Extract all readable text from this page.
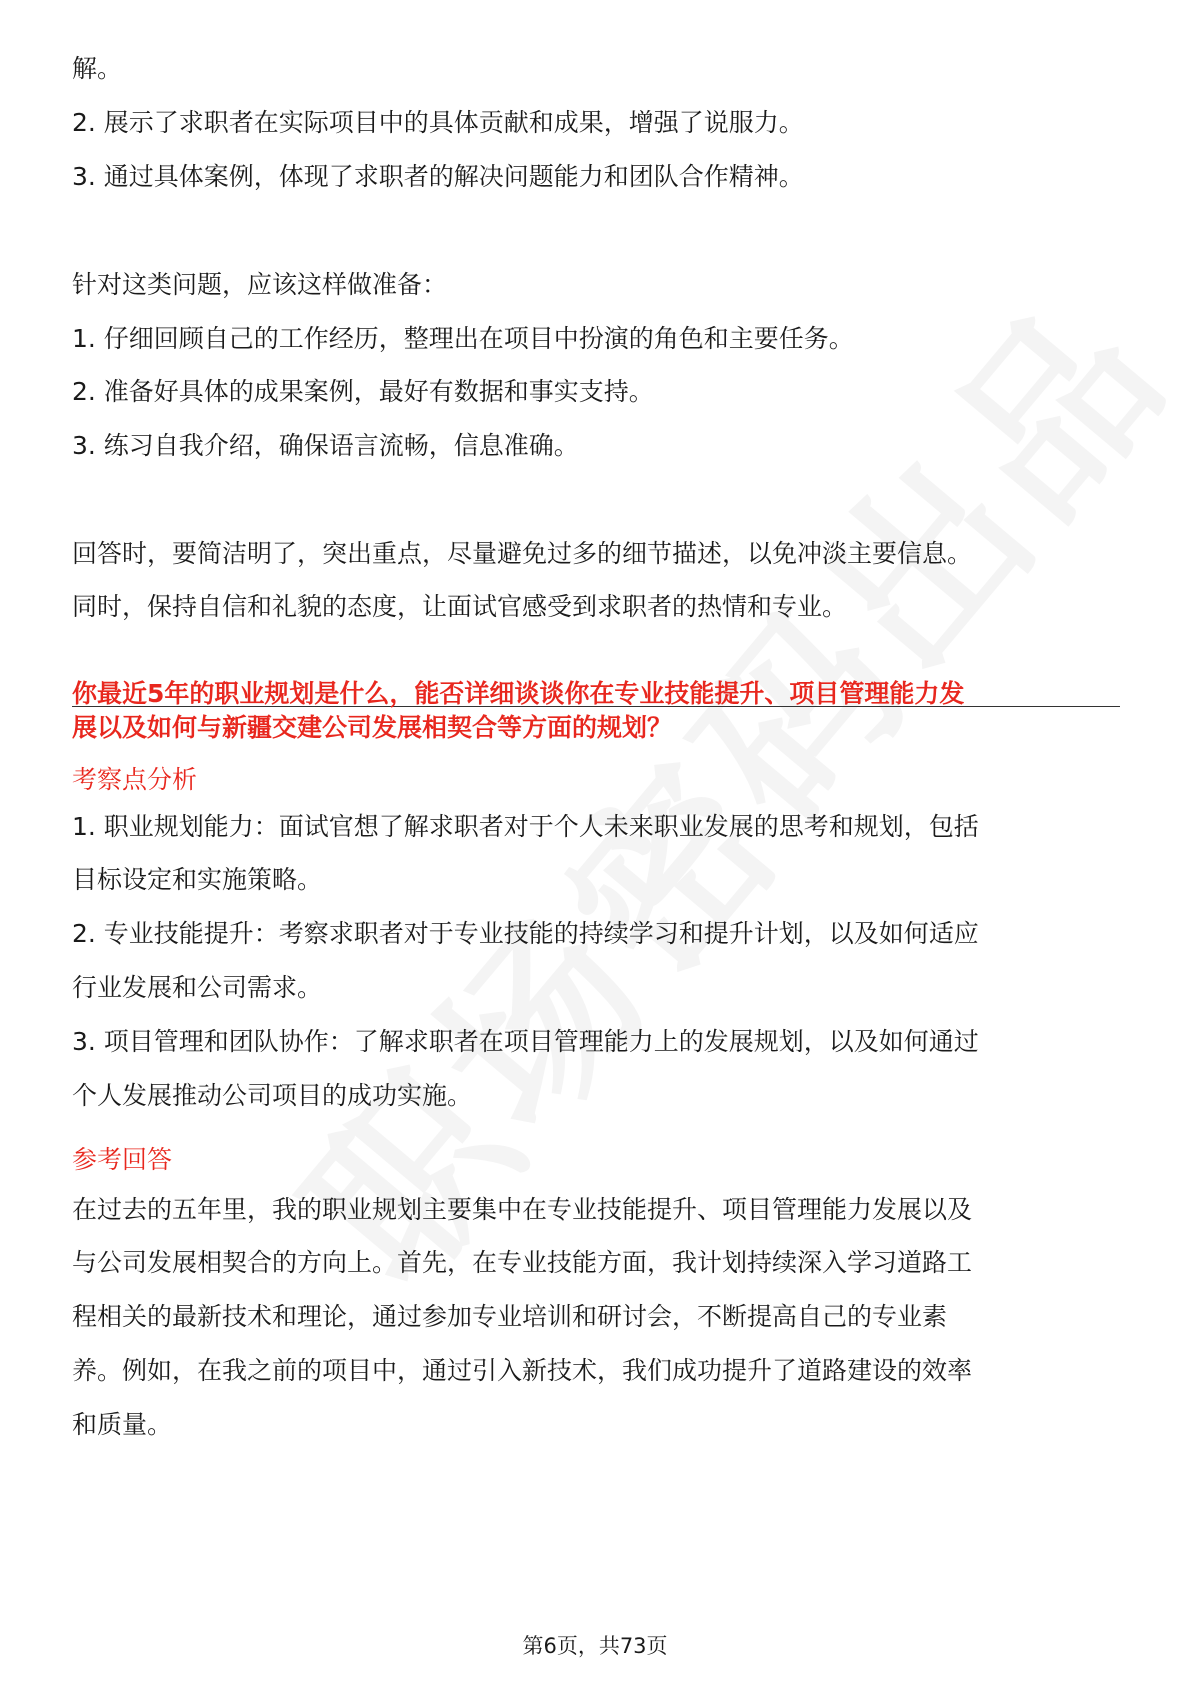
解。
2. 展示了求职者在实际项目中的具体贡献和成果，增强了说服力。
3. 通过具体案例，体现了求职者的解决问题能力和团队合作精神。
针对这类问题，应该这样做准备：
1. 仔细回顾自己的工作经历，整理出在项目中扮演的角色和主要任务。
2. 准备好具体的成果案例，最好有数据和事实支持。
3. 练习自我介绍，确保语言流畅，信息准确。
回答时，要简洁明了，突出重点，尽量避免过多的细节描述，以免冲淡主要信息。
同时，保持自信和礼貌的态度，让面试官感受到求职者的热情和专业。
你最近5年的职业规划是什么，能否详细谈谈你在专业技能提升、项目管理能力发
展以及如何与新疆交建公司发展相契合等方面的规划？
考察点分析
1. 职业规划能力：面试官想了解求职者对于个人未来职业发展的思考和规划，包括
目标设定和实施策略。
2. 专业技能提升：考察求职者对于专业技能的持续学习和提升计划，以及如何适应
行业发展和公司需求。
3. 项目管理和团队协作：了解求职者在项目管理能力上的发展规划，以及如何通过
个人发展推动公司项目的成功实施。
参考回答
在过去的五年里，我的职业规划主要集中在专业技能提升、项目管理能力发展以及
与公司发展相契合的方向上。首先，在专业技能方面，我计划持续深入学习道路工
程相关的最新技术和理论，通过参加专业培训和研讨会，不断提高自己的专业素
养。例如，在我之前的项目中，通过引入新技术，我们成功提升了道路建设的效率
和质量。
第6页，共73页
